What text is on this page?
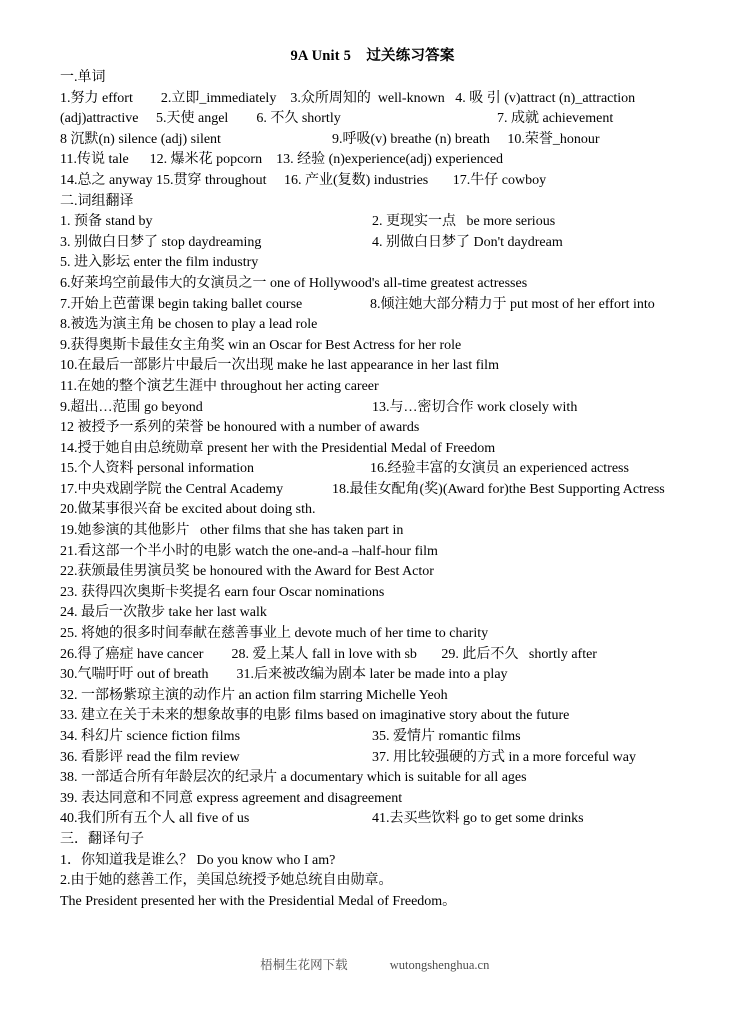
9A Unit 5    过关练习答案
一.单词
1.努力 effort        2.立即_immediately    3.众所周知的  well-known   4. 吸 引 (v)attract (n)_attraction
(adj)attractive     5.天使 angel        6. 不久 shortly	7. 成就 achievement
8 沉默(n) silence (adj) silent	9.呼吸(v) breathe (n) breath     10.荣誉_honour
11.传说 tale      12. 爆米花 popcorn    13. 经验 (n)experience(adj) experienced
14.总之 anyway 15.贯穿 throughout     16. 产业(复数) industries       17.牛仔 cowboy
二.词组翻译
1. 预备 stand by	2. 更现实一点   be more serious
3. 别做白日梦了 stop daydreaming	4. 别做白日梦了 Don't daydream
5. 进入影坛 enter the film industry
6.好莱坞空前最伟大的女演员之一 one of Hollywood's all-time greatest actresses
7.开始上芭蕾课 begin taking ballet course	8.倾注她大部分精力于 put most of her effort into
8.被选为演主角 be chosen to play a lead role
9.获得奥斯卡最佳女主角奖 win an Oscar for Best Actress for her role
10.在最后一部影片中最后一次出现 make he last appearance in her last film
11.在她的整个演艺生涯中 throughout her acting career
9.超出…范围 go beyond	13.与…密切合作 work closely with
12 被授予一系列的荣誉 be honoured with a number of awards
14.授于她自由总统勋章 present her with the Presidential Medal of Freedom
15.个人资料 personal information	16.经验丰富的女演员 an experienced actress
17.中央戏剧学院 the Central Academy	18.最佳女配角(奖)(Award for)the Best Supporting Actress
20.做某事很兴奋 be excited about doing sth.
19.她参演的其他影片   other films that she has taken part in
21.看这部一个半小时的电影 watch the one-and-a –half-hour film
22.获颁最佳男演员奖 be honoured with the Award for Best Actor
23. 获得四次奥斯卡奖提名 earn four Oscar nominations
24. 最后一次散步 take her last walk
25. 将她的很多时间奉献在慈善事业上 devote much of her time to charity
26.得了癌症 have cancer        28. 爱上某人 fall in love with sb       29. 此后不久   shortly after
30.气喘吁吁 out of breath        31.后来被改编为剧本 later be made into a play
32. 一部杨紫琼主演的动作片 an action film starring Michelle Yeoh
33. 建立在关于未来的想象故事的电影 films based on imaginative story about the future
34. 科幻片 science fiction films	35. 爱情片 romantic films
36. 看影评 read the film review	37. 用比较强硬的方式 in a more forceful way
38. 一部适合所有年龄层次的纪录片 a documentary which is suitable for all ages
39. 表达同意和不同意 express agreement and disagreement
40.我们所有五个人 all five of us	41.去买些饮料 go to get some drinks
三．翻译句子
1．你知道我是谁么？ Do you know who I am?
2.由于她的慈善工作，美国总统授予她总统自由勋章。
The President presented her with the Presidential Medal of Freedom。

梧桐生花网下载	wutongshenghua.cn
